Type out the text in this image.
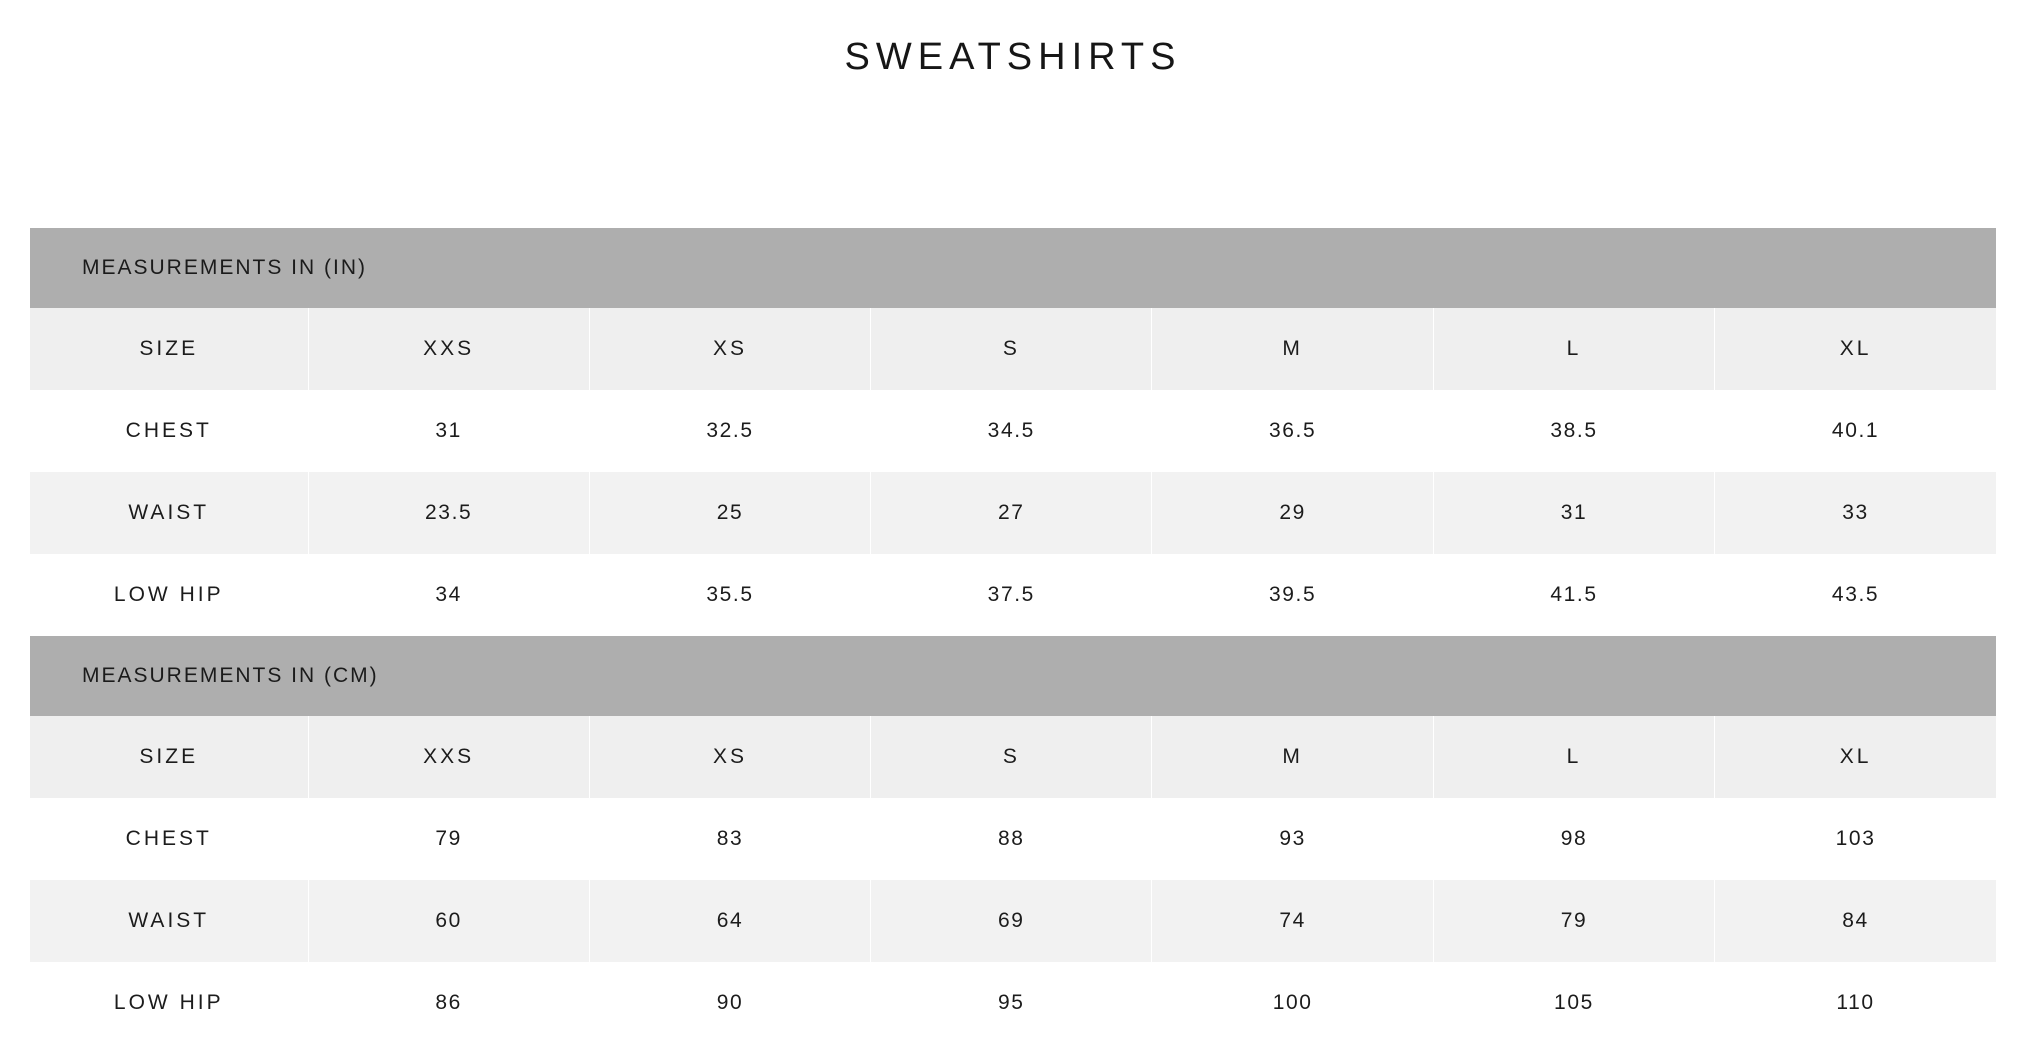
SWEATSHIRTS
MEASUREMENTS IN (IN)						
SIZE	XXS	XS	S	M	L	XL
CHEST	31	32.5	34.5	36.5	38.5	40.1
WAIST	23.5	25	27	29	31	33
LOW HIP	34	35.5	37.5	39.5	41.5	43.5
MEASUREMENTS IN (CM)						
SIZE	XXS	XS	S	M	L	XL
CHEST	79	83	88	93	98	103
WAIST	60	64	69	74	79	84
LOW HIP	86	90	95	100	105	110
